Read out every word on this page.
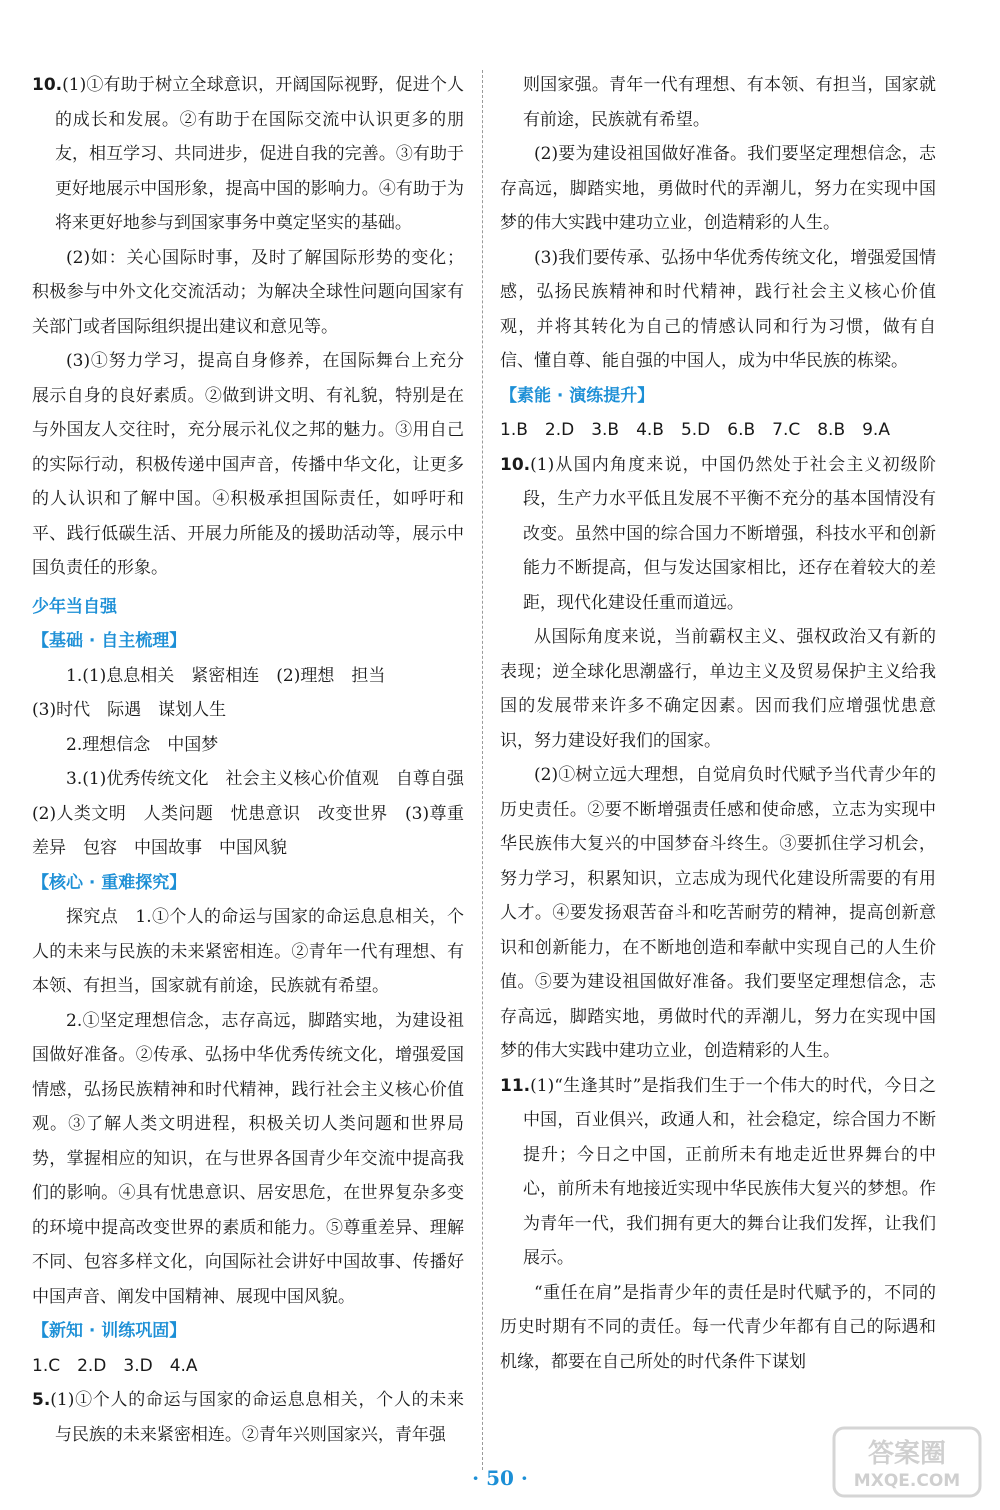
10.(1)①有助于树立全球意识，开阔国际视野，促进个人的成长和发展。②有助于在国际交流中认识更多的朋友，相互学习、共同进步，促进自我的完善。③有助于更好地展示中国形象，提高中国的影响力。④有助于为将来更好地参与到国家事务中奠定坚实的基础。

(2)如：关心国际时事，及时了解国际形势的变化；积极参与中外文化交流活动；为解决全球性问题向国家有关部门或者国际组织提出建议和意见等。

(3)①努力学习，提高自身修养，在国际舞台上充分展示自身的良好素质。②做到讲文明、有礼貌，特别是在与外国友人交往时，充分展示礼仪之邦的魅力。③用自己的实际行动，积极传递中国声音，传播中华文化，让更多的人认识和了解中国。④积极承担国际责任，如呼吁和平、践行低碳生活、开展力所能及的援助活动等，展示中国负责任的形象。

少年当自强

【基础 · 自主梳理】

1.(1)息息相关　紧密相连　(2)理想　担当

(3)时代　际遇　谋划人生

2.理想信念　中国梦

3.(1)优秀传统文化　社会主义核心价值观　自尊自强　(2)人类文明　人类问题　忧患意识　改变世界　(3)尊重差异　包容　中国故事　中国风貌

【核心 · 重难探究】

探究点　1.①个人的命运与国家的命运息息相关，个人的未来与民族的未来紧密相连。②青年一代有理想、有本领、有担当，国家就有前途，民族就有希望。

2.①坚定理想信念，志存高远，脚踏实地，为建设祖国做好准备。②传承、弘扬中华优秀传统文化，增强爱国情感，弘扬民族精神和时代精神，践行社会主义核心价值观。③了解人类文明进程，积极关切人类问题和世界局势，掌握相应的知识，在与世界各国青少年交流中提高我们的影响。④具有忧患意识、居安思危，在世界复杂多变的环境中提高改变世界的素质和能力。⑤尊重差异、理解不同、包容多样文化，向国际社会讲好中国故事、传播好中国声音、阐发中国精神、展现中国风貌。

【新知 · 训练巩固】

1.C　2.D　3.D　4.A

5.(1)①个人的命运与国家的命运息息相关，个人的未来与民族的未来紧密相连。②青年兴则国家兴，青年强

则国家强。青年一代有理想、有本领、有担当，国家就有前途，民族就有希望。

(2)要为建设祖国做好准备。我们要坚定理想信念，志存高远，脚踏实地，勇做时代的弄潮儿，努力在实现中国梦的伟大实践中建功立业，创造精彩的人生。

(3)我们要传承、弘扬中华优秀传统文化，增强爱国情感，弘扬民族精神和时代精神，践行社会主义核心价值观，并将其转化为自己的情感认同和行为习惯，做有自信、懂自尊、能自强的中国人，成为中华民族的栋梁。

【素能 · 演练提升】

1.B　2.D　3.B　4.B　5.D　6.B　7.C　8.B　9.A

10.(1)从国内角度来说，中国仍然处于社会主义初级阶段，生产力水平低且发展不平衡不充分的基本国情没有改变。虽然中国的综合国力不断增强，科技水平和创新能力不断提高，但与发达国家相比，还存在着较大的差距，现代化建设任重而道远。

从国际角度来说，当前霸权主义、强权政治又有新的表现；逆全球化思潮盛行，单边主义及贸易保护主义给我国的发展带来许多不确定因素。因而我们应增强忧患意识，努力建设好我们的国家。

(2)①树立远大理想，自觉肩负时代赋予当代青少年的历史责任。②要不断增强责任感和使命感，立志为实现中华民族伟大复兴的中国梦奋斗终生。③要抓住学习机会，努力学习，积累知识，立志成为现代化建设所需要的有用人才。④要发扬艰苦奋斗和吃苦耐劳的精神，提高创新意识和创新能力，在不断地创造和奉献中实现自己的人生价值。⑤要为建设祖国做好准备。我们要坚定理想信念，志存高远，脚踏实地，勇做时代的弄潮儿，努力在实现中国梦的伟大实践中建功立业，创造精彩的人生。

11.(1)“生逢其时”是指我们生于一个伟大的时代，今日之中国，百业俱兴，政通人和，社会稳定，综合国力不断提升；今日之中国，正前所未有地走近世界舞台的中心，前所未有地接近实现中华民族伟大复兴的梦想。作为青年一代，我们拥有更大的舞台让我们发挥，让我们展示。

“重任在肩”是指青少年的责任是时代赋予的，不同的历史时期有不同的责任。每一代青少年都有自己的际遇和机缘，都要在自己所处的时代条件下谋划

· 50 ·
答案圈
MXQE.COM
